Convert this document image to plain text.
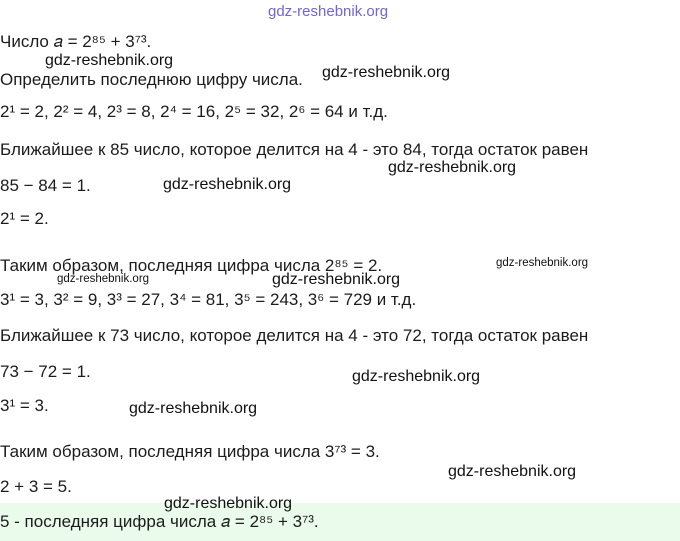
Число 𝑎 = 2⁸⁵ + 3⁷³.
Определить последнюю цифру числа.
2¹ = 2, 2² = 4, 2³ = 8, 2⁴ = 16, 2⁵ = 32, 2⁶ = 64 и т.д.
Ближайшее к 85 число, которое делится на 4 - это 84, тогда остаток равен
85 − 84 = 1.
2¹ = 2.
Таким образом, последняя цифра числа 2⁸⁵ = 2.
3¹ = 3, 3² = 9, 3³ = 27, 3⁴ = 81, 3⁵ = 243, 3⁶ = 729 и т.д.
Ближайшее к 73 число, которое делится на 4 - это 72, тогда остаток равен
73 − 72 = 1.
3¹ = 3.
Таким образом, последняя цифра числа 3⁷³ = 3.
2 + 3 = 5.
5 - последняя цифра числа 𝑎 = 2⁸⁵ + 3⁷³.
gdz-reshebnik.org
gdz-reshebnik.org
gdz-reshebnik.org
gdz-reshebnik.org
gdz-reshebnik.org
gdz-reshebnik.org
gdz-reshebnik.org	gdz-reshebnik.org
gdz-reshebnik.org
gdz-reshebnik.org
gdz-reshebnik.org
gdz-reshebnik.org
